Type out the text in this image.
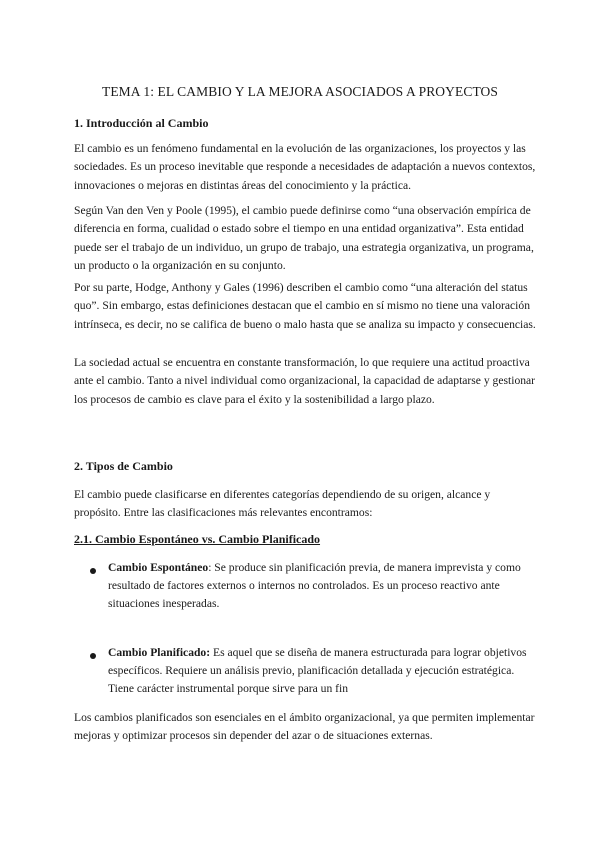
TEMA 1: EL CAMBIO Y LA MEJORA ASOCIADOS A PROYECTOS
1. Introducción al Cambio

El cambio es un fenómeno fundamental en la evolución de las organizaciones, los proyectos y las sociedades. Es un proceso inevitable que responde a necesidades de adaptación a nuevos contextos, innovaciones o mejoras en distintas áreas del conocimiento y la práctica.

Según Van den Ven y Poole (1995), el cambio puede definirse como “una observación empírica de diferencia en forma, cualidad o estado sobre el tiempo en una entidad organizativa”. Esta entidad puede ser el trabajo de un individuo, un grupo de trabajo, una estrategia organizativa, un programa, un producto o la organización en su conjunto.

Por su parte, Hodge, Anthony y Gales (1996) describen el cambio como “una alteración del status quo”. Sin embargo, estas definiciones destacan que el cambio en sí mismo no tiene una valoración intrínseca, es decir, no se califica de bueno o malo hasta que se analiza su impacto y consecuencias.

La sociedad actual se encuentra en constante transformación, lo que requiere una actitud proactiva ante el cambio. Tanto a nivel individual como organizacional, la capacidad de adaptarse y gestionar los procesos de cambio es clave para el éxito y la sostenibilidad a largo plazo.

2. Tipos de Cambio

El cambio puede clasificarse en diferentes categorías dependiendo de su origen, alcance y propósito. Entre las clasificaciones más relevantes encontramos:

2.1. Cambio Espontáneo vs. Cambio Planificado

Cambio Espontáneo: Se produce sin planificación previa, de manera imprevista y como resultado de factores externos o internos no controlados. Es un proceso reactivo ante situaciones inesperadas.

Cambio Planificado: Es aquel que se diseña de manera estructurada para lograr objetivos específicos. Requiere un análisis previo, planificación detallada y ejecución estratégica. Tiene carácter instrumental porque sirve para un fin

Los cambios planificados son esenciales en el ámbito organizacional, ya que permiten implementar mejoras y optimizar procesos sin depender del azar o de situaciones externas.
